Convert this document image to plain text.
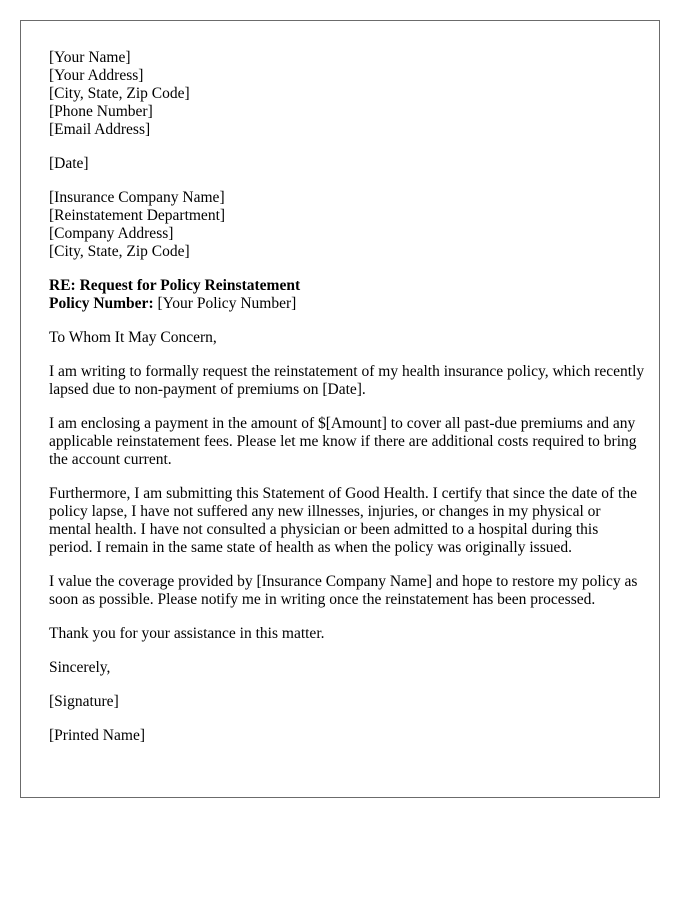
[Your Name]
[Your Address]
[City, State, Zip Code]
[Phone Number]
[Email Address]
[Date]
[Insurance Company Name]
[Reinstatement Department]
[Company Address]
[City, State, Zip Code]
RE: Request for Policy Reinstatement
Policy Number: [Your Policy Number]

To Whom It May Concern,

I am writing to formally request the reinstatement of my health insurance policy, which recently lapsed due to non-payment of premiums on [Date].

I am enclosing a payment in the amount of $[Amount] to cover all past-due premiums and any applicable reinstatement fees. Please let me know if there are additional costs required to bring the account current.

Furthermore, I am submitting this Statement of Good Health. I certify that since the date of the policy lapse, I have not suffered any new illnesses, injuries, or changes in my physical or mental health. I have not consulted a physician or been admitted to a hospital during this period. I remain in the same state of health as when the policy was originally issued.

I value the coverage provided by [Insurance Company Name] and hope to restore my policy as soon as possible. Please notify me in writing once the reinstatement has been processed.

Thank you for your assistance in this matter.

Sincerely,

[Signature]

[Printed Name]
